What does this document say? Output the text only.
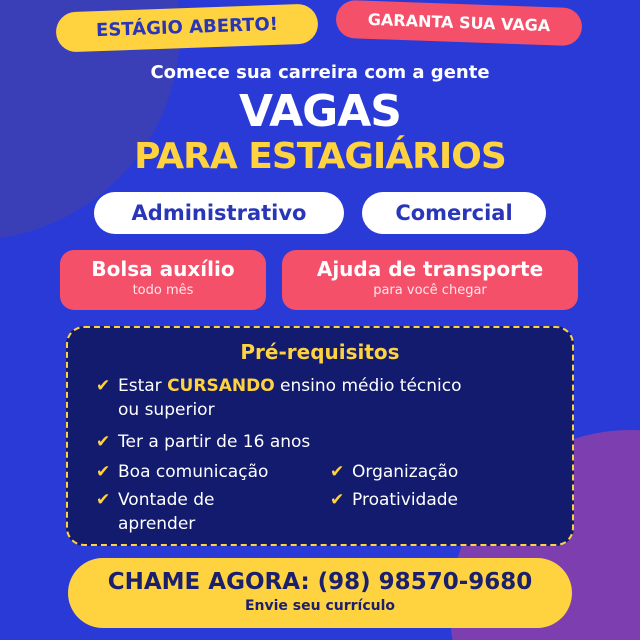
ESTÁGIO ABERTO!	GARANTA SUA VAGA
Comece sua carreira com a gente
VAGAS
PARA ESTAGIÁRIOS
Administrativo	Comercial
Bolsa auxílio
todo mês
Ajuda de transporte
para você chegar
Pré-requisitos
✔ Estar CURSANDO ensino médio técnico
ou superior
✔ Ter a partir de 16 anos
✔ Boa comunicação	✔ Organização
✔ Vontade de
aprender
✔ Proatividade
CHAME AGORA: (98) 98570-9680
Envie seu currículo
